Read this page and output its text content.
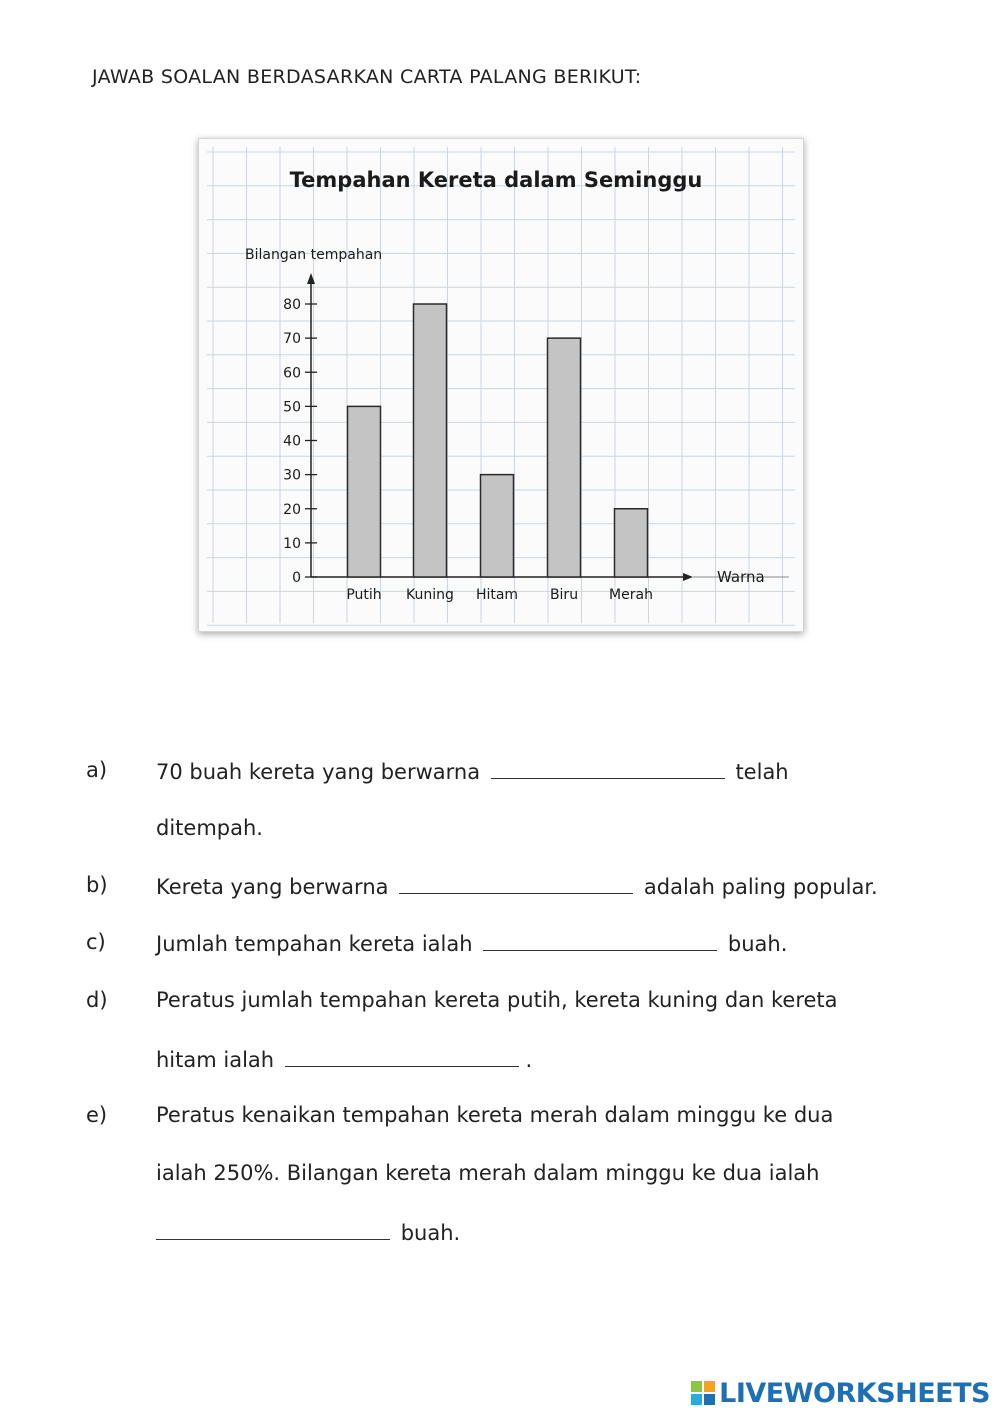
JAWAB SOALAN BERDASARKAN CARTA PALANG BERIKUT:
Tempahan Kereta dalam Seminggu
Bilangan tempahan
Warna
0
10
20
30
40
50
60
70
80
Putih Kuning Hitam Biru Merah
a) 70 buah kereta yang berwarna	telah
ditempah.
b) Kereta yang berwarna	adalah paling popular.
c) Jumlah tempahan kereta ialah	buah.
d) Peratus jumlah tempahan kereta putih, kereta kuning dan kereta
hitam ialah	.
e) Peratus kenaikan tempahan kereta merah dalam minggu ke dua
ialah 250%. Bilangan kereta merah dalam minggu ke dua ialah
buah.
LIVEWORKSHEETS
